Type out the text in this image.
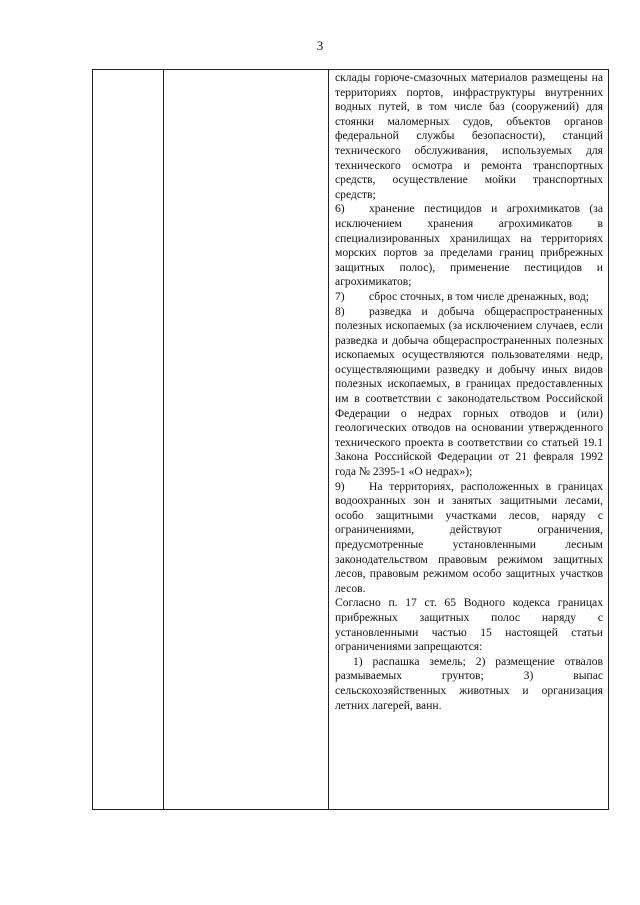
3

склады горюче-смазочных материалов размещены на территориях портов, инфраструктуры внутренних водных путей, в том числе баз (сооружений) для стоянки маломерных судов, объектов органов федеральной службы безопасности), станций технического обслуживания, используемых для технического осмотра и ремонта транспортных средств, осуществление мойки транспортных средств;

6) хранение пестицидов и агрохимикатов (за исключением хранения агрохимикатов в специализированных хранилищах на территориях морских портов за пределами границ прибрежных защитных полос), применение пестицидов и агрохимикатов;

7) сброс сточных, в том числе дренажных, вод;

8) разведка и добыча общераспространенных полезных ископаемых (за исключением случаев, если разведка и добыча общераспространенных полезных ископаемых осуществляются пользователями недр, осуществляющими разведку и добычу иных видов полезных ископаемых, в границах предоставленных им в соответствии с законодательством Российской Федерации о недрах горных отводов и (или) геологических отводов на основании утвержденного технического проекта в соответствии со статьей 19.1 Закона Российской Федерации от 21 февраля 1992 года № 2395-1 «О недрах»);

9) На территориях, расположенных в границах водоохранных зон и занятых защитными лесами, особо защитными участками лесов, наряду с ограничениями, действуют ограничения, предусмотренные установленными лесным законодательством правовым режимом защитных лесов, правовым режимом особо защитных участков лесов.

Согласно п. 17 ст. 65 Водного кодекса границах прибрежных защитных полос наряду с установленными частью 15 настоящей статьи ограничениями запрещаются:

1) распашка земель; 2) размещение отвалов размываемых грунтов; 3) выпас сельскохозяйственных животных и организация летних лагерей, ванн.
